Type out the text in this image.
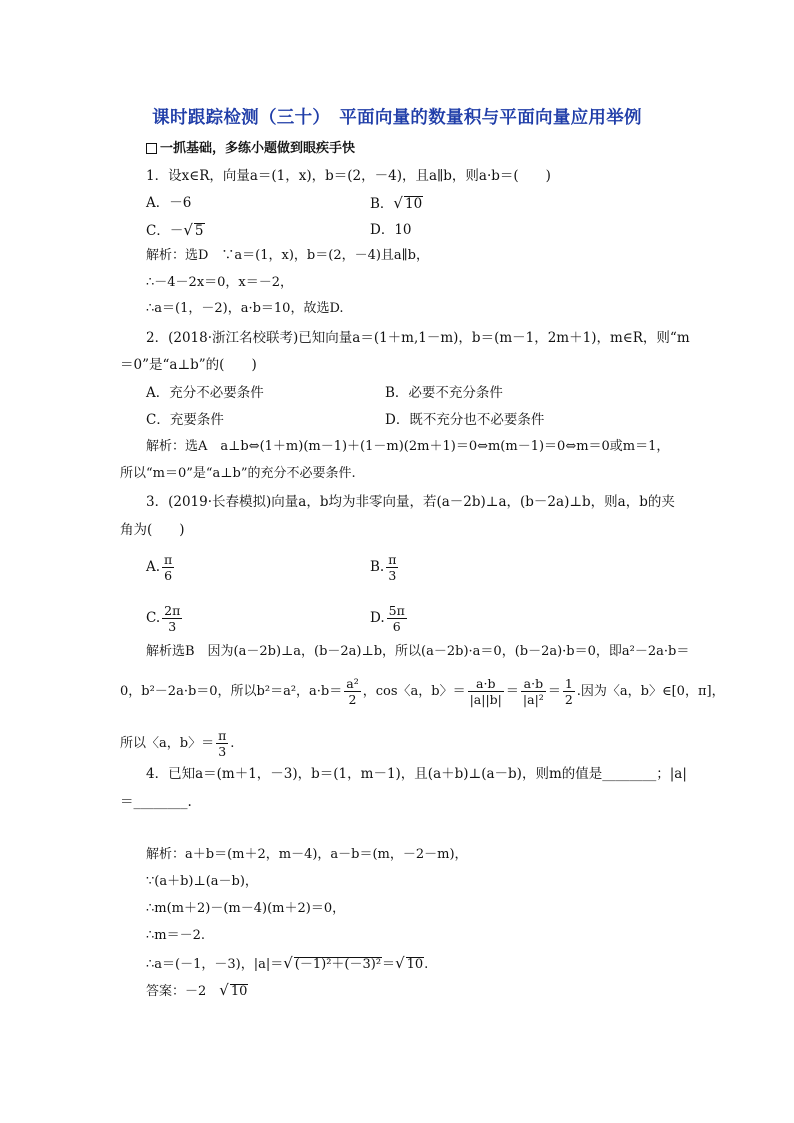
课时跟踪检测（三十）　平面向量的数量积与平面向量应用举例
一抓基础，多练小题做到眼疾手快
1．设x∈R，向量a＝(1，x)，b＝(2，－4)，且a∥b，则a·b＝(　　)
A．－6	B．√ 10
C．－√ 5	D．10
解析：选D　∵a＝(1，x)，b＝(2，－4)且a∥b，
∴－4－2x＝0，x＝－2，
∴a＝(1，－2)，a·b＝10，故选D.
2．(2018·浙江名校联考)已知向量a＝(1＋m,1－m)，b＝(m－1，2m＋1)，m∈R，则“m
＝0”是“a⊥b”的(　　)
A．充分不必要条件	B．必要不充分条件
C．充要条件	D．既不充分也不必要条件
解析：选A　a⊥b⇔(1＋m)(m－1)＋(1－m)(2m＋1)＝0⇔m(m－1)＝0⇔m＝0或m＝1，
所以“m＝0”是“a⊥b”的充分不必要条件.
3．(2019·长春模拟)向量a，b均为非零向量，若(a－2b)⊥a，(b－2a)⊥b，则a，b的夹
角为(　　)
A. $\frac{\pi}{6}$	B. $\frac{\pi}{3}$
C. $\frac{2\pi}{3}$	D. $\frac{5\pi}{6}$
解析选B　因为(a－2b)⊥a，(b－2a)⊥b，所以(a－2b)·a＝0，(b－2a)·b＝0，即a²－2a·b＝
0，b²－2a·b＝0，所以b²＝a²，$a\cdot b= \frac{\text{a²}}{2}$ ，cos〈a，b〉＝ $\frac{a\cdot b}{|a||b|} = \frac{a\cdot b}{\text{|a|²}} = \frac{1}{2}$ .因为〈a，b〉∈[0，π]，
所以〈a，b〉＝ $\frac{\pi}{3}$ .
4．已知a＝(m＋1，－3)，b＝(1，m－1)，且(a＋b)⊥(a－b)，则m的值是________；|a|
＝________.
解析：a＋b＝(m＋2，m－4)，a－b＝(m，－2－m)，
∵(a＋b)⊥(a－b)，
∴m(m＋2)－(m－4)(m＋2)＝0，
∴m＝－2.
∴a＝(－1，－3)，|a|＝√ (－1)²＋(－3)²＝√ 10.
答案：－2　√ 10
